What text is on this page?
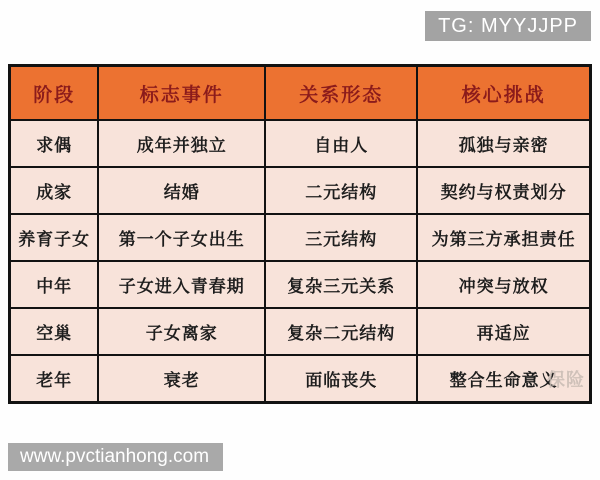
TG: MYYJJPP
阶段	标志事件	关系形态	核心挑战
求偶	成年并独立	自由人	孤独与亲密
成家	结婚	二元结构	契约与权责划分
养育子女	第一个子女出生	三元结构	为第三方承担责任
中年	子女进入青春期	复杂三元关系	冲突与放权
空巢	子女离家	复杂二元结构	再适应
老年	衰老	面临丧失	整合生命意义
保险
www.pvctianhong.com
